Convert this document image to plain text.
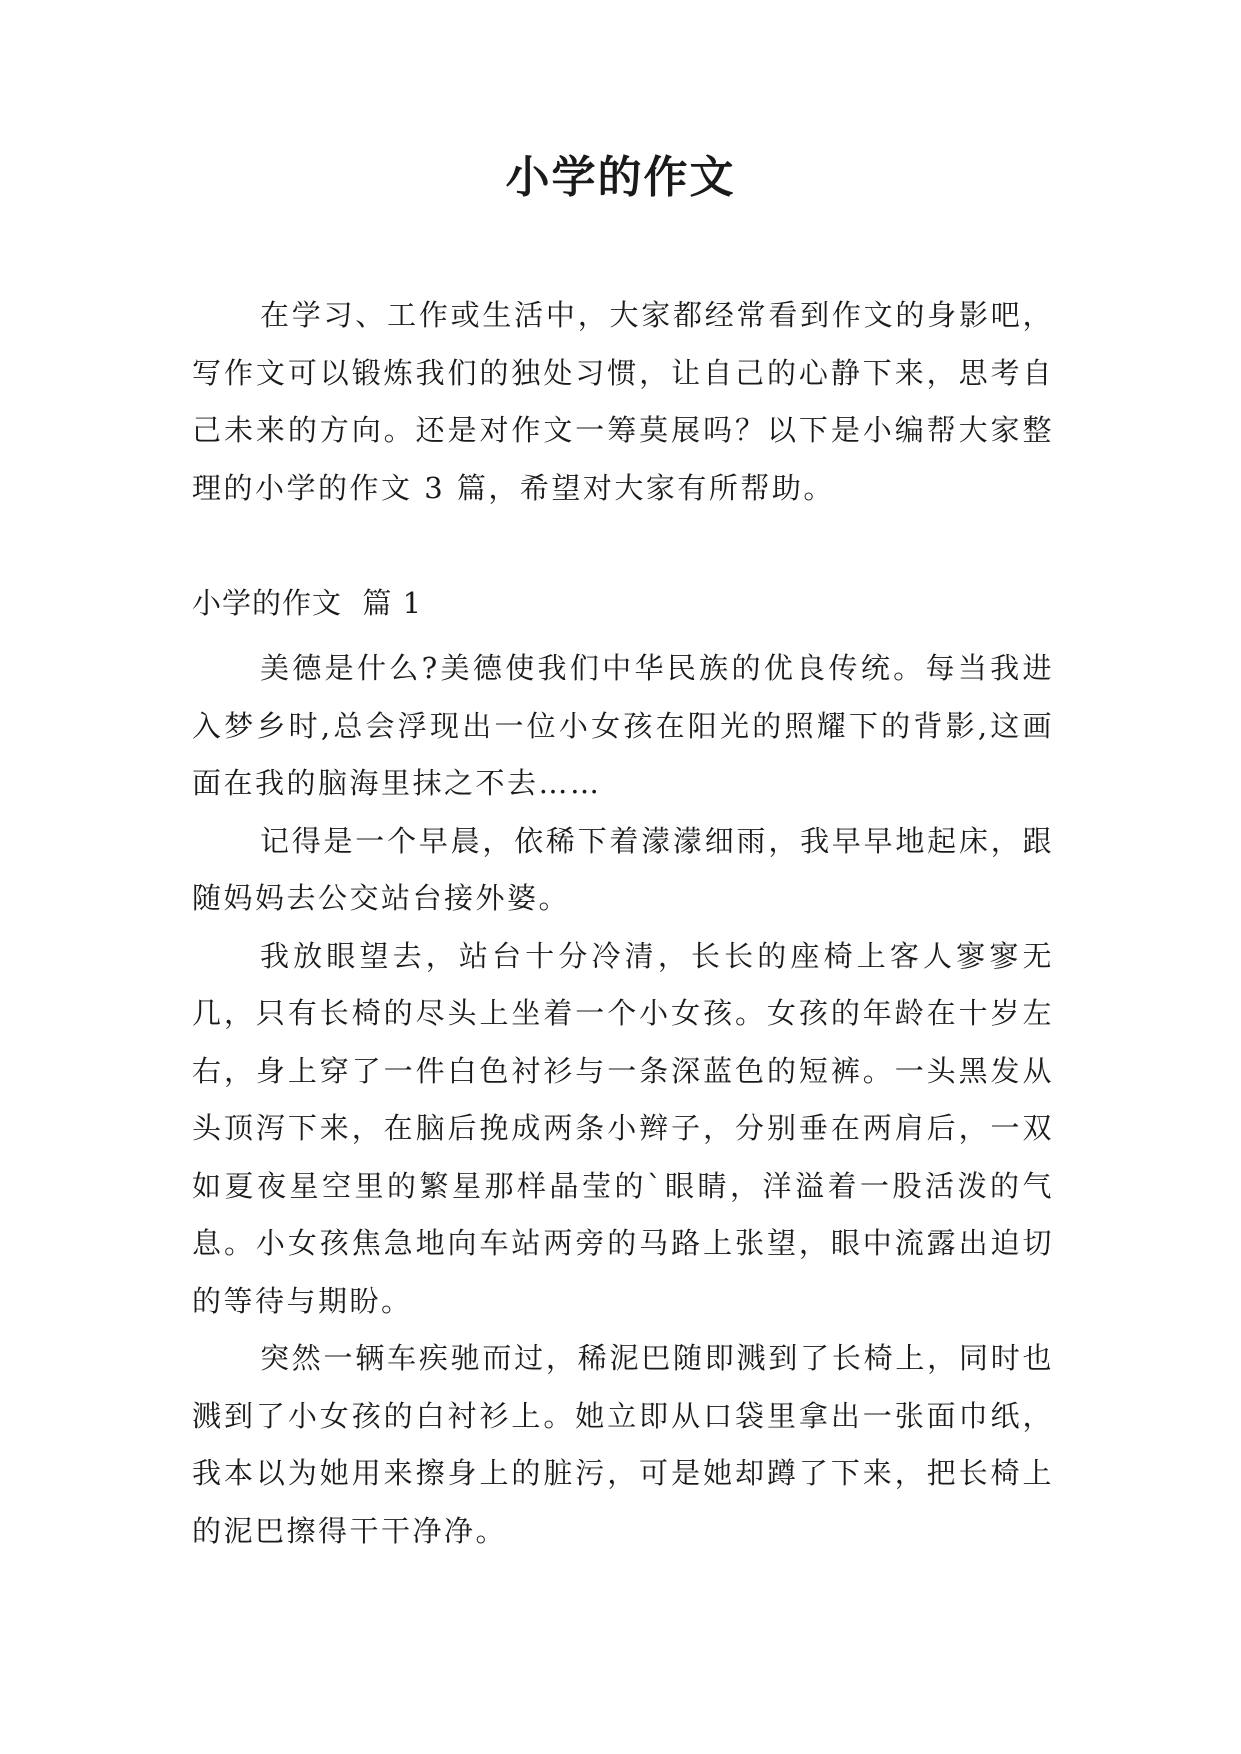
小学的作文

在学习、工作或生活中，大家都经常看到作文的身影吧，写作文可以锻炼我们的独处习惯，让自己的心静下来，思考自己未来的方向。还是对作文一筹莫展吗？以下是小编帮大家整理的小学的作文 3 篇，希望对大家有所帮助。

小学的作文  篇 1

美德是什么?美德使我们中华民族的优良传统。每当我进入梦乡时,总会浮现出一位小女孩在阳光的照耀下的背影,这画面在我的脑海里抹之不去……

记得是一个早晨，依稀下着濛濛细雨，我早早地起床，跟随妈妈去公交站台接外婆。

我放眼望去，站台十分冷清，长长的座椅上客人寥寥无几，只有长椅的尽头上坐着一个小女孩。女孩的年龄在十岁左右，身上穿了一件白色衬衫与一条深蓝色的短裤。一头黑发从头顶泻下来，在脑后挽成两条小辫子，分别垂在两肩后，一双如夏夜星空里的繁星那样晶莹的`眼睛，洋溢着一股活泼的气息。小女孩焦急地向车站两旁的马路上张望，眼中流露出迫切的等待与期盼。

突然一辆车疾驰而过，稀泥巴随即溅到了长椅上，同时也溅到了小女孩的白衬衫上。她立即从口袋里拿出一张面巾纸，我本以为她用来擦身上的脏污，可是她却蹲了下来，把长椅上的泥巴擦得干干净净。
